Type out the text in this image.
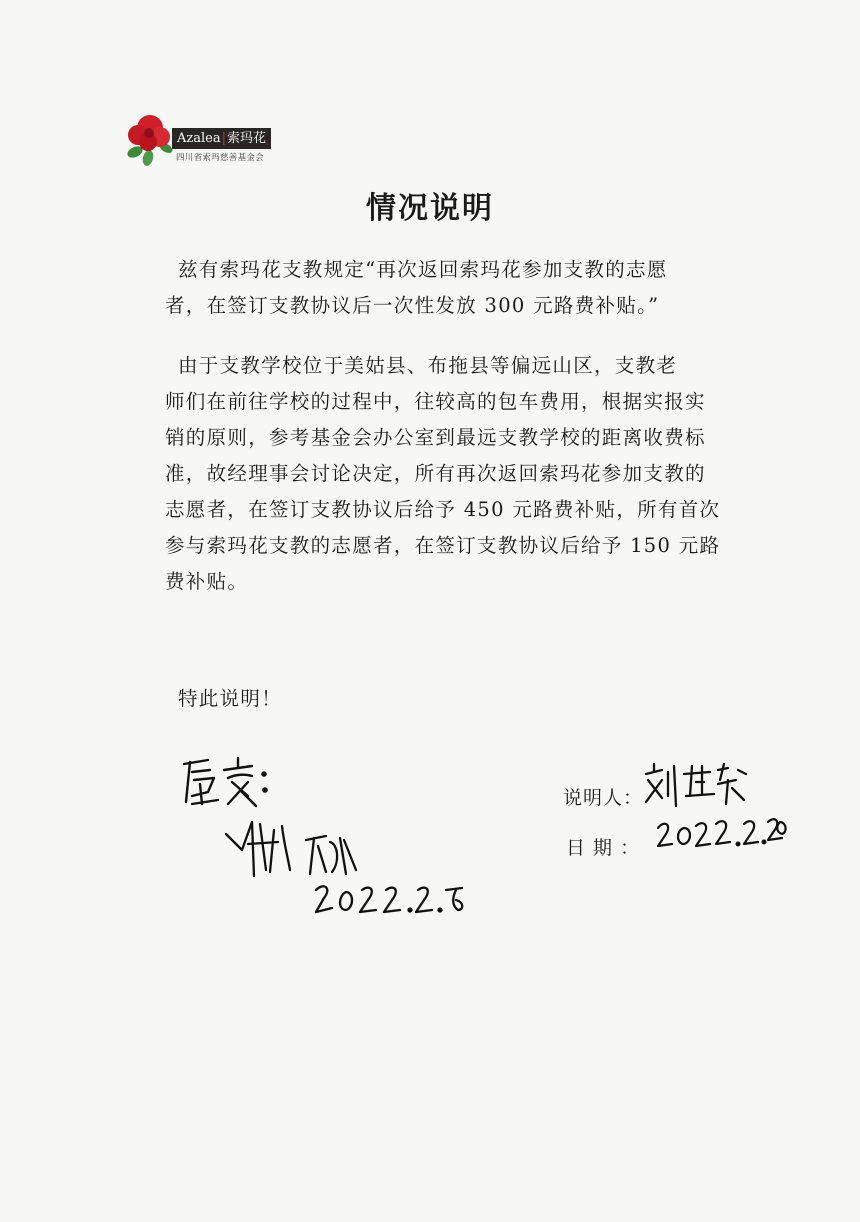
Azalea|索玛花
四川省索玛慈善基金会
情况说明
兹有索玛花支教规定“再次返回索玛花参加支教的志愿
者，在签订支教协议后一次性发放 300 元路费补贴。”
由于支教学校位于美姑县、布拖县等偏远山区，支教老
师们在前往学校的过程中，往较高的包车费用，根据实报实
销的原则，参考基金会办公室到最远支教学校的距离收费标
准，故经理事会讨论决定，所有再次返回索玛花参加支教的
志愿者，在签订支教协议后给予 450 元路费补贴，所有首次
参与索玛花支教的志愿者，在签订支教协议后给予 150 元路
费补贴。
特此说明！
说明人：
日 期 ：
